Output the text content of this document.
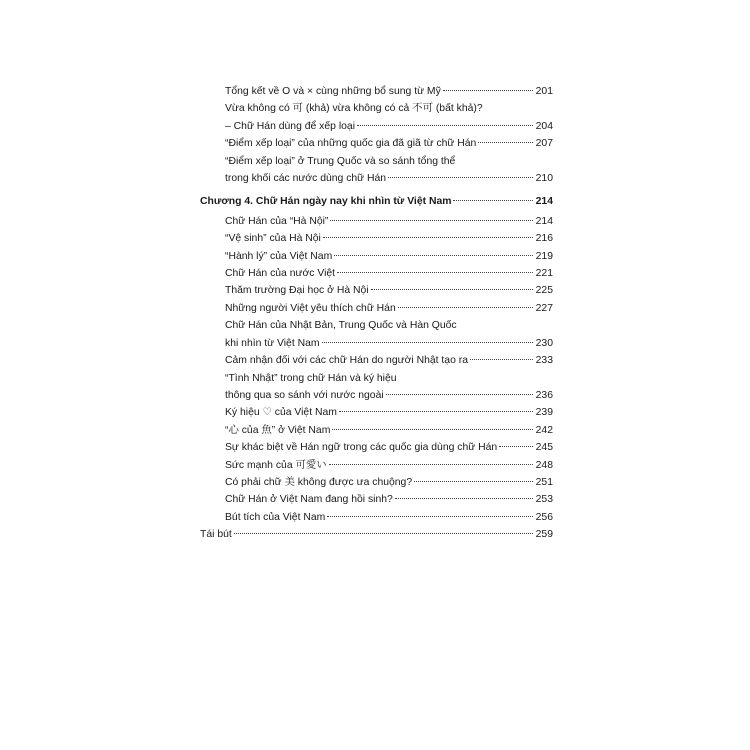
Tổng kết về O và × cùng những bổ sung từ Mỹ	201
Vừa không có 可 (khả) vừa không có cả 不可 (bất khả)?
– Chữ Hán dùng để xếp loại	204
“Điểm xếp loại” của những quốc gia đã giã từ chữ Hán	207
“Điểm xếp loại” ở Trung Quốc và so sánh tổng thể
trong khối các nước dùng chữ Hán	210
Chương 4. Chữ Hán ngày nay khi nhìn từ Việt Nam	214
Chữ Hán của “Hà Nội”	214
“Vệ sinh” của Hà Nội	216
“Hành lý” của Việt Nam	219
Chữ Hán của nước Việt	221
Thăm trường Đại học ở Hà Nội	225
Những người Việt yêu thích chữ Hán	227
Chữ Hán của Nhật Bản, Trung Quốc và Hàn Quốc
khi nhìn từ Việt Nam	230
Cảm nhận đối với các chữ Hán do người Nhật tạo ra	233
“Tình Nhật” trong chữ Hán và ký hiệu
thông qua so sánh với nước ngoài	236
Ký hiệu ♡ của Việt Nam	239
“心 của 魚” ở Việt Nam	242
Sự khác biệt về Hán ngữ trong các quốc gia dùng chữ Hán	245
Sức mạnh của 可愛い	248
Có phải chữ 美 không được ưa chuộng?	251
Chữ Hán ở Việt Nam đang hồi sinh?	253
Bút tích của Việt Nam	256
Tái bút	259
